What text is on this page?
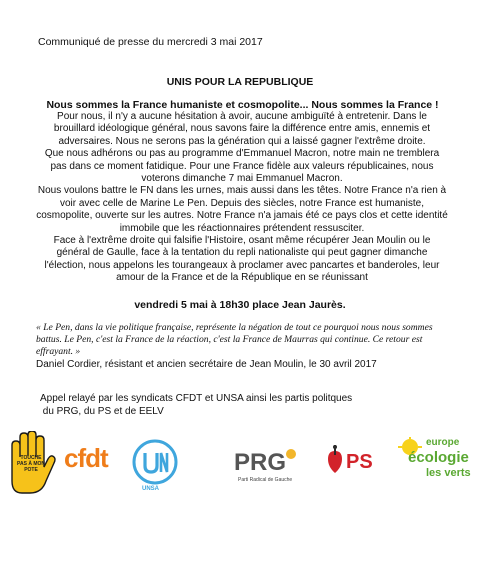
Communiqué de presse du mercredi 3 mai 2017
UNIS POUR LA REPUBLIQUE
Nous sommes la France humaniste et cosmopolite... Nous sommes la France !

Pour nous, il n'y a aucune hésitation à avoir, aucune ambiguïté à entretenir. Dans le brouillard idéologique général, nous savons faire la différence entre amis, ennemis et adversaires. Nous ne serons pas la génération qui a laissé gagner l'extrême droite.

Que nous adhérons ou pas au programme d'Emmanuel Macron, notre main ne tremblera pas dans ce moment fatidique. Pour une France fidèle aux valeurs républicaines, nous voterons dimanche 7 mai Emmanuel Macron.

Nous voulons battre le FN dans les urnes, mais aussi dans les têtes. Notre France n'a rien à voir avec celle de Marine Le Pen. Depuis des siècles, notre France est humaniste, cosmopolite, ouverte sur les autres. Notre France n'a jamais été ce pays clos et cette identité immobile que les réactionnaires prétendent ressusciter.

Face à l'extrême droite qui falsifie l'Histoire, osant même récupérer Jean Moulin ou le général de Gaulle, face à la tentation du repli nationaliste qui peut gagner dimanche l'élection, nous appelons les tourangeaux à proclamer avec pancartes et banderoles, leur amour de la France et de la République en se réunissant

vendredi 5 mai à 18h30 place Jean Jaurès.
« Le Pen, dans la vie politique française, représente la négation de tout ce pourquoi nous nous sommes battus. Le Pen, c'est la France de la réaction, c'est la France de Maurras qui continue. Ce retour est effrayant. »
Daniel Cordier, résistant et ancien secrétaire de Jean Moulin, le 30 avril 2017
Appel relayé par les syndicats CFDT et UNSA ainsi les partis politques
du PRG, du PS et de EELV
TOUCHE PAS À MON POTE	cfdt
UNSA
PRG
Parti Radical de Gauche
PS
europe
écologie
les verts
